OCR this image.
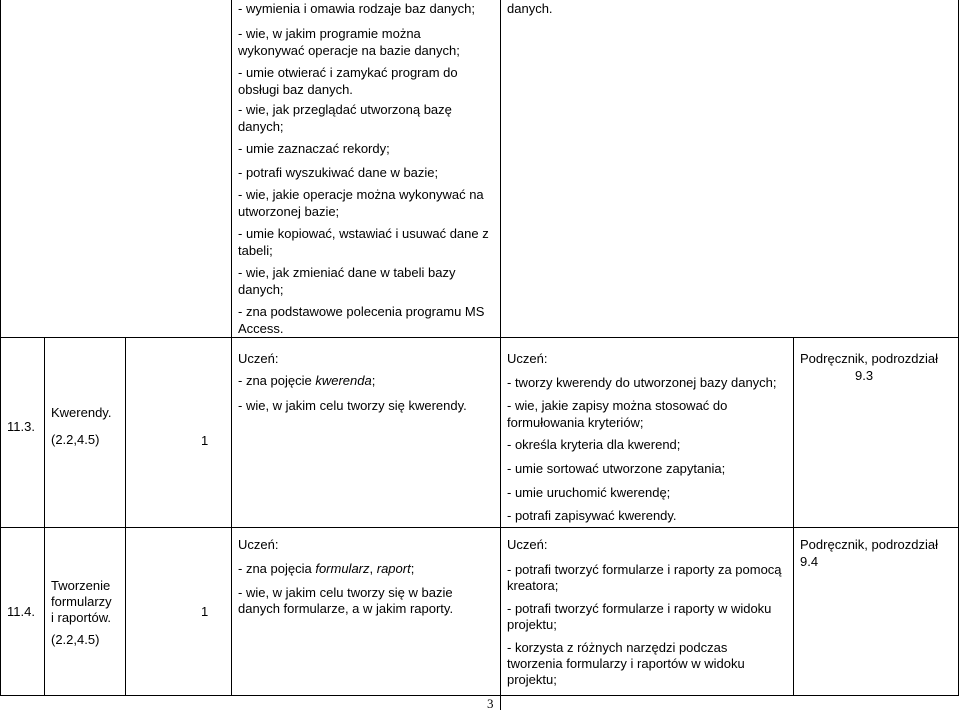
- wymienia i omawia rodzaje baz danych;
- wie, w jakim programie można
wykonywać operacje na bazie danych;
- umie otwierać i zamykać program do
obsługi baz danych.
- wie, jak przeglądać utworzoną bazę
danych;
- umie zaznaczać rekordy;
- potrafi wyszukiwać dane w bazie;
- wie, jakie operacje można wykonywać na
utworzonej bazie;
- umie kopiować, wstawiać i usuwać dane z
tabeli;
- wie, jak zmieniać dane w tabeli bazy
danych;
- zna podstawowe polecenia programu MS
Access.
danych.
11.3.
Kwerendy.
(2.2,4.5)	1
Uczeń:
- zna pojęcie kwerenda;
- wie, w jakim celu tworzy się kwerendy.
Uczeń:
- tworzy kwerendy do utworzonej bazy danych;
- wie, jakie zapisy można stosować do
formułowania kryteriów;
- określa kryteria dla kwerend;
- umie sortować utworzone zapytania;
- umie uruchomić kwerendę;
- potrafi zapisywać kwerendy.
Podręcznik, podrozdział
9.3
11.4.
Tworzenie
formularzy
i raportów.
(2.2,4.5)
1
Uczeń:
- zna pojęcia formularz, raport;
- wie, w jakim celu tworzy się w bazie
danych formularze, a w jakim raporty.
Uczeń:
- potrafi tworzyć formularze i raporty za pomocą
kreatora;
- potrafi tworzyć formularze i raporty w widoku
projektu;
- korzysta z różnych narzędzi podczas
tworzenia formularzy i raportów w widoku
projektu;
Podręcznik, podrozdział
9.4
3
